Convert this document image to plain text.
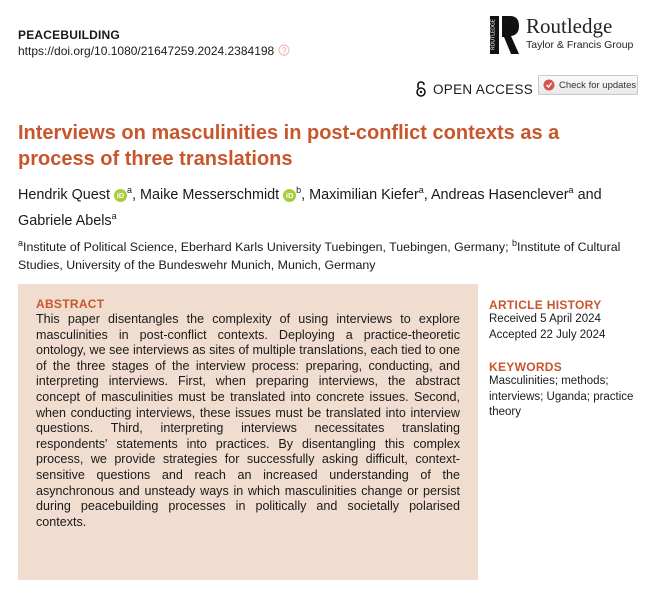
PEACEBUILDING
https://doi.org/10.1080/21647259.2024.2384198
ROUTLEDGE Routledge
Taylor & Francis Group
OPEN ACCESS	Check for updates
Interviews on masculinities in post-conflict contexts as a process of three translations
Hendrik Quest $iD^a$, Maike Messerschmidt $iD^b$, Maximilian Kiefer$^a$, Andreas Hasenclever$^a$ and Gabriele Abels$^a$
$^a$Institute of Political Science, Eberhard Karls University Tuebingen, Tuebingen, Germany; $^b$Institute of Cultural Studies, University of the Bundeswehr Munich, Munich, Germany
ABSTRACT
This paper disentangles the complexity of using interviews to explore masculinities in post-conflict contexts. Deploying a practice-theoretic ontology, we see interviews as sites of multiple translations, each tied to one of the three stages of the interview process: preparing, conducting, and interpreting interviews. First, when preparing interviews, the abstract concept of masculinities must be translated into concrete issues. Second, when conducting interviews, these issues must be translated into interview questions. Third, interpreting interviews necessitates translating respondents' statements into practices. By disentangling this complex process, we provide strategies for successfully asking difficult, context-sensitive questions and reach an increased understanding of the asynchronous and unsteady ways in which masculinities change or persist during peacebuilding processes in politically and societally polarised contexts.
ARTICLE HISTORY
Received 5 April 2024
Accepted 22 July 2024
KEYWORDS
Masculinities; methods; interviews; Uganda; practice theory
